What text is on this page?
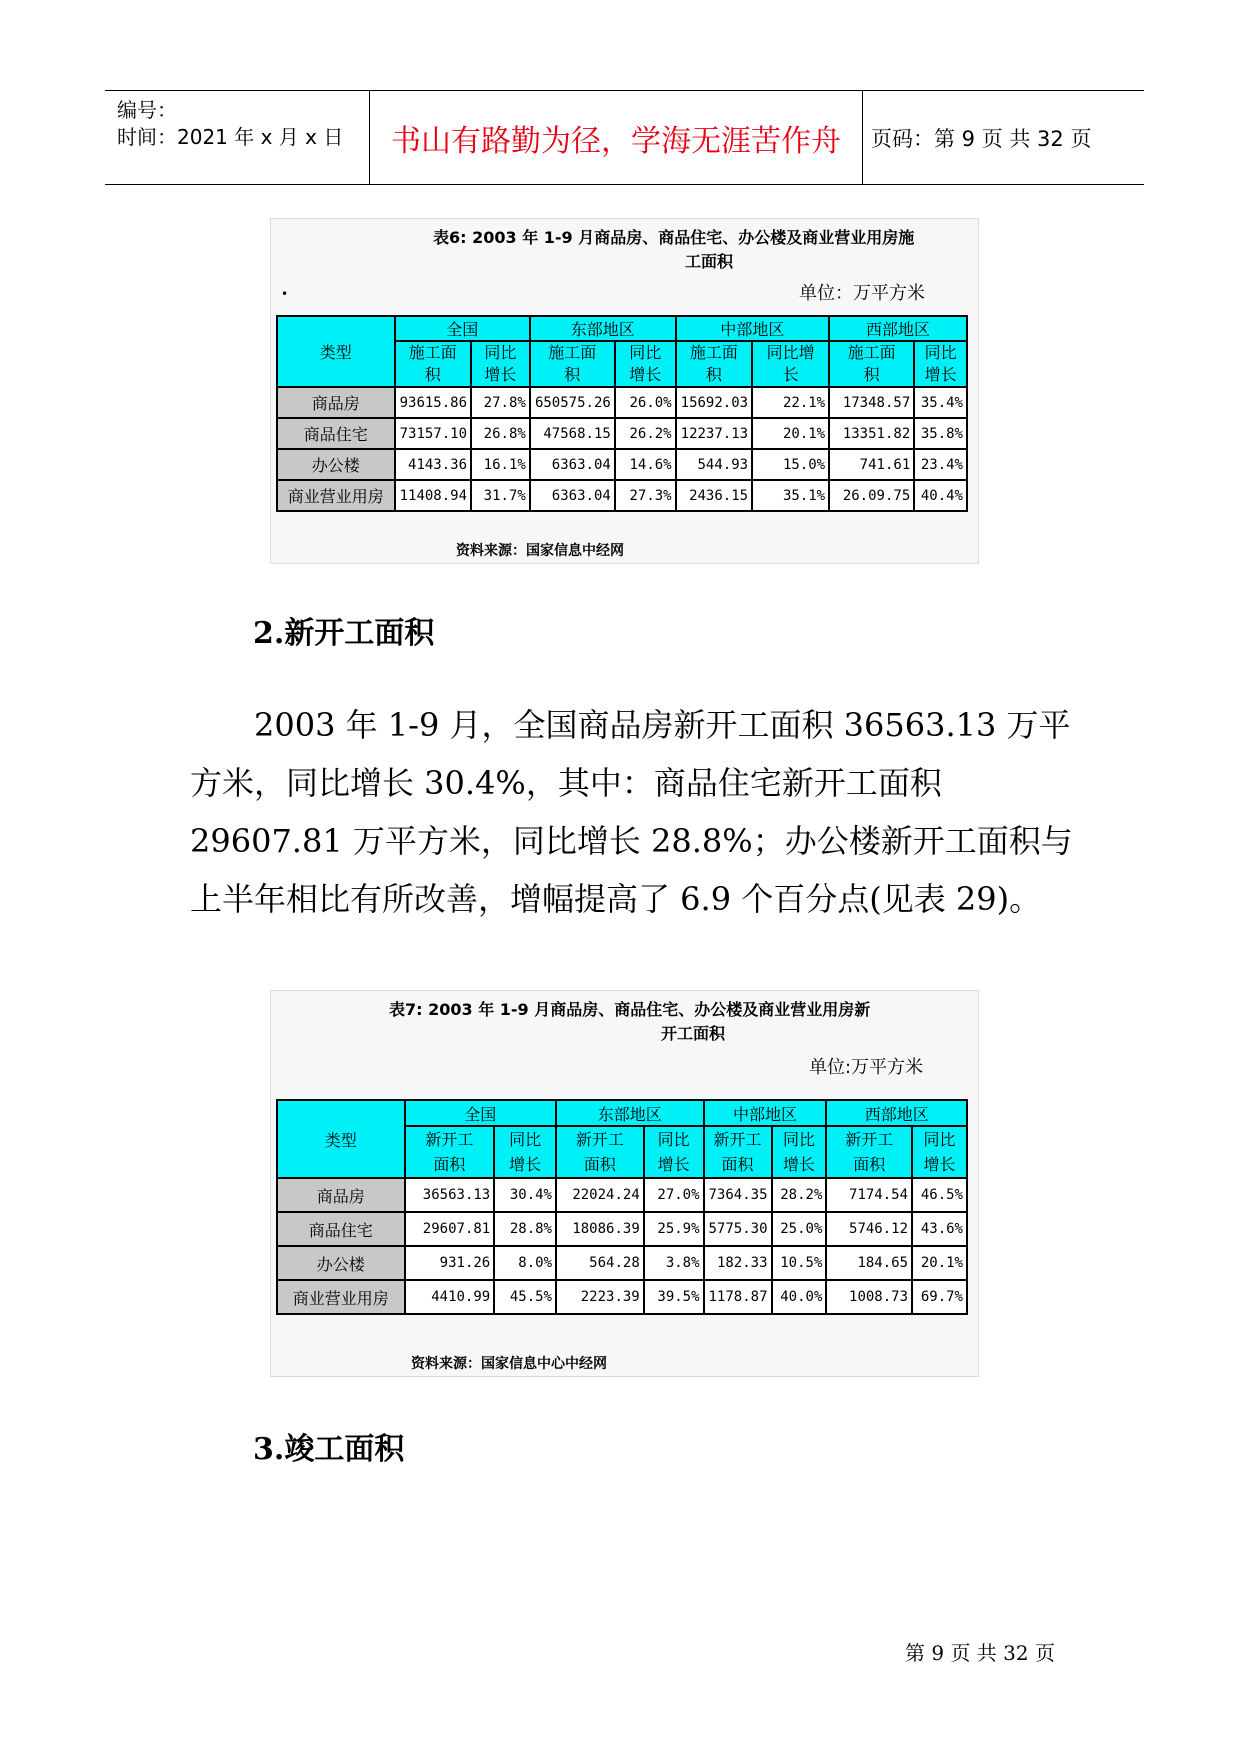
编号：
时间：2021 年 x 月 x 日	书山有路勤为径，学海无涯苦作舟	页码：第 9 页 共 32 页
表6: 2003 年 1-9 月商品房、商品住宅、办公楼及商业营业用房施
工面积
单位：万平方米
•
类型	全国		东部地区		中部地区		西部地区	
	施工面积	同比增长	施工面积	同比增长	施工面积	同比增长	施工面积	同比增长
商品房	93615.86	27.8%	650575.26	26.0%	15692.03	22.1%	17348.57	35.4%
商品住宅	73157.10	26.8%	47568.15	26.2%	12237.13	20.1%	13351.82	35.8%
办公楼	4143.36	16.1%	6363.04	14.6%	544.93	15.0%	741.61	23.4%
商业营业用房	11408.94	31.7%	6363.04	27.3%	2436.15	35.1%	26.09.75	40.4%
资料来源：国家信息中经网
2.新开工面积
2003 年 1-9 月，全国商品房新开工面积 36563.13 万平
方米，同比增长 30.4%，其中：商品住宅新开工面积
29607.81 万平方米，同比增长 28.8%；办公楼新开工面积与
上半年相比有所改善，增幅提高了 6.9 个百分点(见表 29)。
表7: 2003 年 1-9 月商品房、商品住宅、办公楼及商业营业用房新
开工面积
单位:万平方米
类型	全国		东部地区		中部地区		西部地区	
	新开工面积	同比增长	新开工面积	同比增长	新开工面积	同比增长	新开工面积	同比增长
商品房	36563.13	30.4%	22024.24	27.0%	7364.35	28.2%	7174.54	46.5%
商品住宅	29607.81	28.8%	18086.39	25.9%	5775.30	25.0%	5746.12	43.6%
办公楼	931.26	8.0%	564.28	3.8%	182.33	10.5%	184.65	20.1%
商业营业用房	4410.99	45.5%	2223.39	39.5%	1178.87	40.0%	1008.73	69.7%
资料来源：国家信息中心中经网
3.竣工面积
第 9 页 共 32 页
